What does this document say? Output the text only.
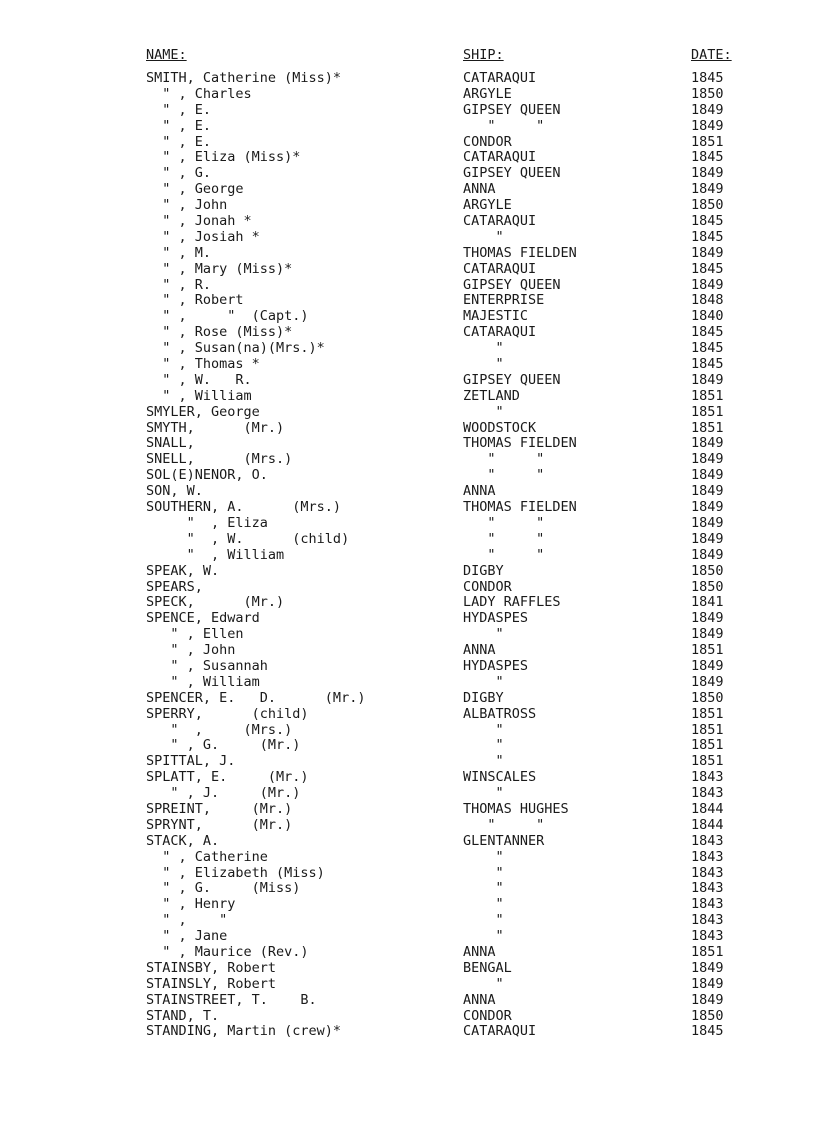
NAME:	SHIP:	DATE:
SMITH, Catherine (Miss)*	CATARAQUI	1845
" , Charles	ARGYLE	1850
" , E.	GIPSEY QUEEN	1849
" , E.	"     "	1849
" , E.	CONDOR	1851
" , Eliza (Miss)*	CATARAQUI	1845
" , G.	GIPSEY QUEEN	1849
" , George	ANNA	1849
" , John	ARGYLE	1850
" , Jonah *	CATARAQUI	1845
" , Josiah *	"	1845
" , M.	THOMAS FIELDEN	1849
" , Mary (Miss)*	CATARAQUI	1845
" , R.	GIPSEY QUEEN	1849
" , Robert	ENTERPRISE	1848
" ,     "  (Capt.)	MAJESTIC	1840
" , Rose (Miss)*	CATARAQUI	1845
" , Susan(na)(Mrs.)*	"	1845
" , Thomas *	"	1845
" , W.   R.	GIPSEY QUEEN	1849
" , William	ZETLAND	1851
SMYLER, George	"	1851
SMYTH,      (Mr.)	WOODSTOCK	1851
SNALL,	THOMAS FIELDEN	1849
SNELL,      (Mrs.)	"     "	1849
SOL(E)NENOR, O.	"     "	1849
SON, W.	ANNA	1849
SOUTHERN, A.      (Mrs.)	THOMAS FIELDEN	1849
"  , Eliza	"     "	1849
"  , W.      (child)	"     "	1849
"  , William	"     "	1849
SPEAK, W.	DIGBY	1850
SPEARS,	CONDOR	1850
SPECK,      (Mr.)	LADY RAFFLES	1841
SPENCE, Edward	HYDASPES	1849
" , Ellen	"	1849
" , John	ANNA	1851
" , Susannah	HYDASPES	1849
" , William	"	1849
SPENCER, E.   D.      (Mr.)	DIGBY	1850
SPERRY,      (child)	ALBATROSS	1851
"  ,     (Mrs.)	"	1851
" , G.     (Mr.)	"	1851
SPITTAL, J.	"	1851
SPLATT, E.     (Mr.)	WINSCALES	1843
" , J.     (Mr.)	"	1843
SPREINT,     (Mr.)	THOMAS HUGHES	1844
SPRYNT,      (Mr.)	"     "	1844
STACK, A.	GLENTANNER	1843
" , Catherine	"	1843
" , Elizabeth (Miss)	"	1843
" , G.     (Miss)	"	1843
" , Henry	"	1843
" ,    "	"	1843
" , Jane	"	1843
" , Maurice (Rev.)	ANNA	1851
STAINSBY, Robert	BENGAL	1849
STAINSLY, Robert	"	1849
STAINSTREET, T.    B.	ANNA	1849
STAND, T.	CONDOR	1850
STANDING, Martin (crew)*	CATARAQUI	1845
